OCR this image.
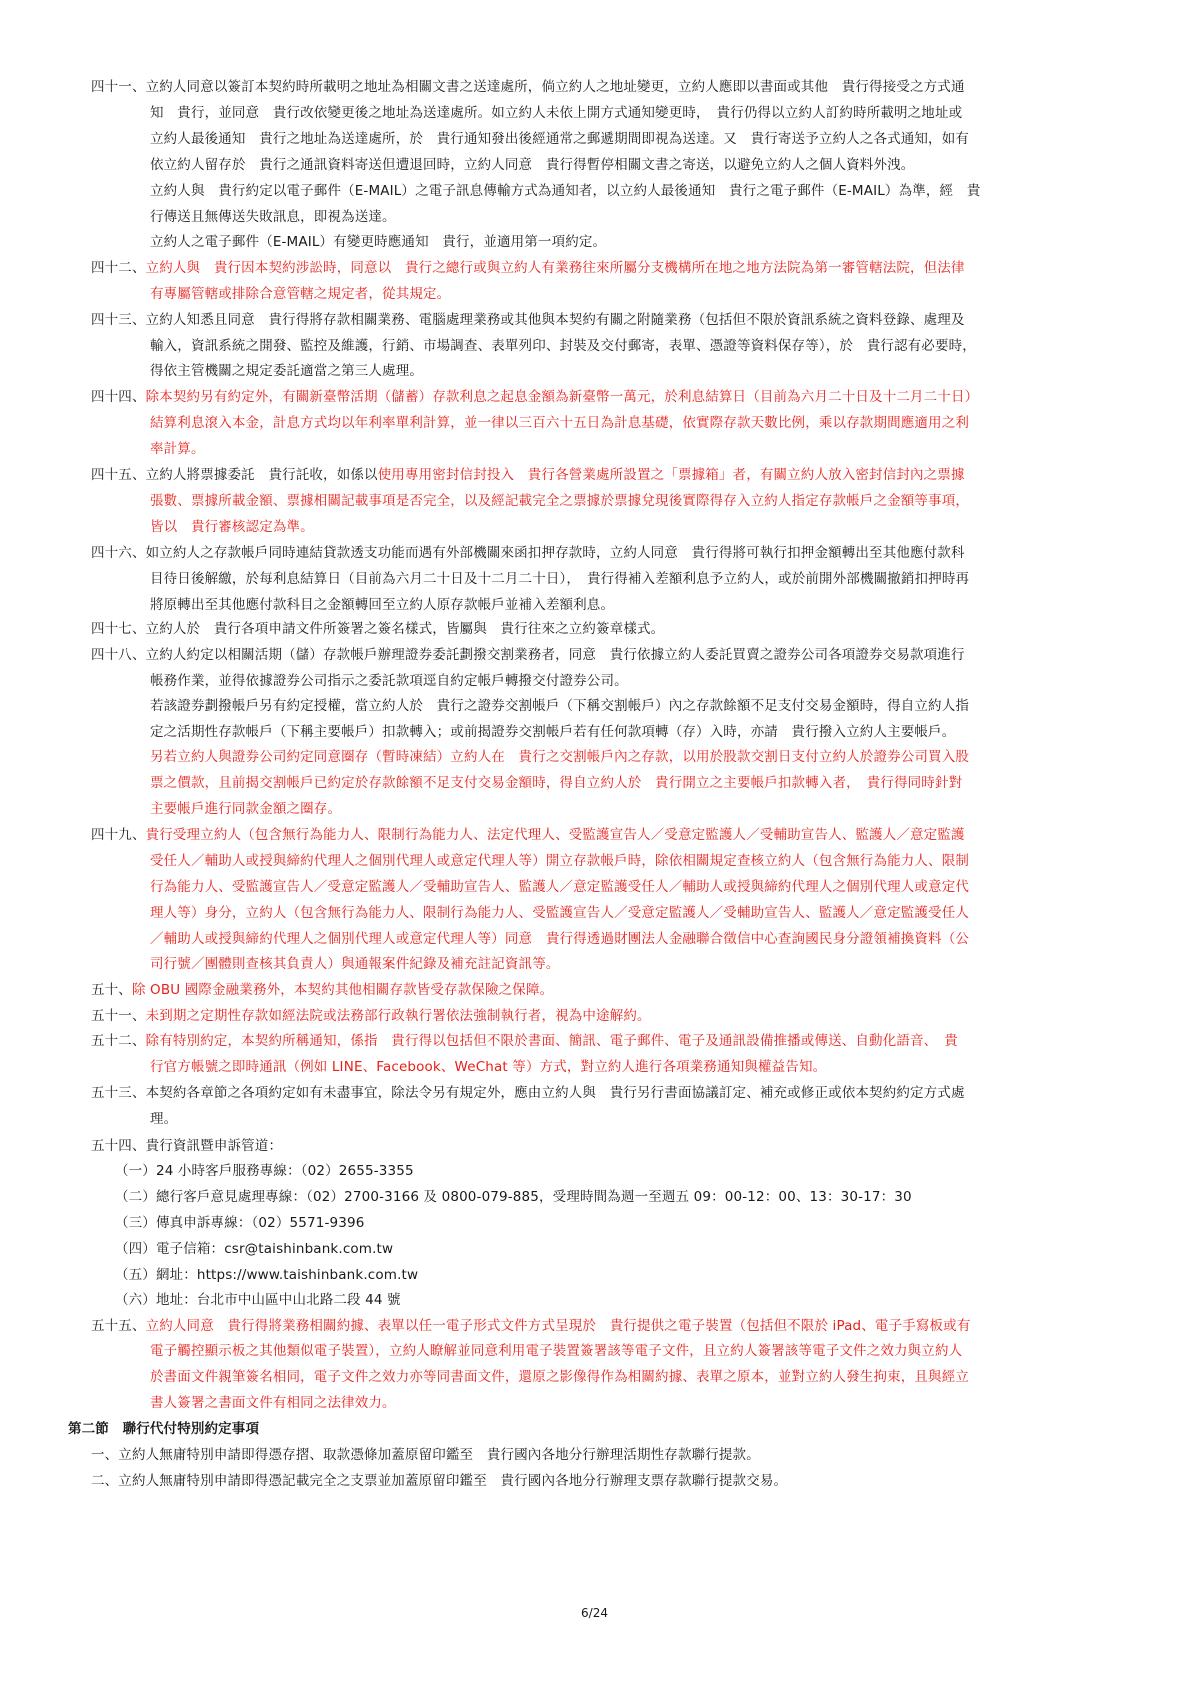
四十一、立約人同意以簽訂本契約時所載明之地址為相關文書之送達處所，倘立約人之地址變更，立約人應即以書面或其他　貴行得接受之方式通
知　貴行，並同意　貴行改依變更後之地址為送達處所。如立約人未依上開方式通知變更時，　貴行仍得以立約人訂約時所載明之地址或
立約人最後通知　貴行之地址為送達處所，於　貴行通知發出後經通常之郵遞期間即視為送達。又　貴行寄送予立約人之各式通知，如有
依立約人留存於　貴行之通訊資料寄送但遭退回時，立約人同意　貴行得暫停相關文書之寄送，以避免立約人之個人資料外洩。
立約人與　貴行約定以電子郵件（E-MAIL）之電子訊息傳輸方式為通知者，以立約人最後通知　貴行之電子郵件（E-MAIL）為準，經　貴
行傳送且無傳送失敗訊息，即視為送達。
立約人之電子郵件（E-MAIL）有變更時應通知　貴行，並適用第一項約定。
四十二、立約人與　貴行因本契約涉訟時，同意以　貴行之總行或與立約人有業務往來所屬分支機構所在地之地方法院為第一審管轄法院，但法律
有專屬管轄或排除合意管轄之規定者，從其規定。
四十三、立約人知悉且同意　貴行得將存款相關業務、電腦處理業務或其他與本契約有關之附隨業務（包括但不限於資訊系統之資料登錄、處理及
輸入，資訊系統之開發、監控及維護，行銷、市場調查、表單列印、封裝及交付郵寄，表單、憑證等資料保存等），於　貴行認有必要時，
得依主管機關之規定委託適當之第三人處理。
四十四、除本契約另有約定外，有關新臺幣活期（儲蓄）存款利息之起息金額為新臺幣一萬元，於利息結算日（目前為六月二十日及十二月二十日）
結算利息滾入本金，計息方式均以年利率單利計算，並一律以三百六十五日為計息基礎，依實際存款天數比例，乘以存款期間應適用之利
率計算。
四十五、立約人將票據委託　貴行託收，如係以使用專用密封信封投入　貴行各營業處所設置之「票據箱」者，有關立約人放入密封信封內之票據
張數、票據所載金額、票據相關記載事項是否完全，以及經記載完全之票據於票據兌現後實際得存入立約人指定存款帳戶之金額等事項，
皆以　貴行審核認定為準。
四十六、如立約人之存款帳戶同時連結貸款透支功能而遇有外部機關來函扣押存款時，立約人同意　貴行得將可執行扣押金額轉出至其他應付款科
目待日後解繳，於每利息結算日（目前為六月二十日及十二月二十日），　貴行得補入差額利息予立約人，或於前開外部機關撤銷扣押時再
將原轉出至其他應付款科目之金額轉回至立約人原存款帳戶並補入差額利息。
四十七、立約人於　貴行各項申請文件所簽署之簽名樣式，皆屬與　貴行往來之立約簽章樣式。
四十八、立約人約定以相關活期（儲）存款帳戶辦理證券委託劃撥交割業務者，同意　貴行依據立約人委託買賣之證券公司各項證券交易款項進行
帳務作業，並得依據證券公司指示之委託款項逕自約定帳戶轉撥交付證券公司。
若該證券劃撥帳戶另有約定授權，當立約人於　貴行之證券交割帳戶（下稱交割帳戶）內之存款餘額不足支付交易金額時，得自立約人指
定之活期性存款帳戶（下稱主要帳戶）扣款轉入；或前揭證券交割帳戶若有任何款項轉（存）入時，亦請　貴行撥入立約人主要帳戶。
另若立約人與證券公司約定同意圈存（暫時凍結）立約人在　貴行之交割帳戶內之存款，以用於股款交割日支付立約人於證券公司買入股
票之價款，且前揭交割帳戶已約定於存款餘額不足支付交易金額時，得自立約人於　貴行開立之主要帳戶扣款轉入者，　貴行得同時針對
主要帳戶進行同款金額之圈存。
四十九、貴行受理立約人（包含無行為能力人、限制行為能力人、法定代理人、受監護宣告人／受意定監護人／受輔助宣告人、監護人／意定監護
受任人／輔助人或授與締約代理人之個別代理人或意定代理人等）開立存款帳戶時，除依相關規定查核立約人（包含無行為能力人、限制
行為能力人、受監護宣告人／受意定監護人／受輔助宣告人、監護人／意定監護受任人／輔助人或授與締約代理人之個別代理人或意定代
理人等）身分，立約人（包含無行為能力人、限制行為能力人、受監護宣告人／受意定監護人／受輔助宣告人、監護人／意定監護受任人
／輔助人或授與締約代理人之個別代理人或意定代理人等）同意　貴行得透過財團法人金融聯合徵信中心查詢國民身分證領補換資料（公
司行號／團體則查核其負責人）與通報案件紀錄及補充註記資訊等。
五十、除 OBU 國際金融業務外，本契約其他相關存款皆受存款保險之保障。
五十一、未到期之定期性存款如經法院或法務部行政執行署依法強制執行者，視為中途解約。
五十二、除有特別約定，本契約所稱通知，係指　貴行得以包括但不限於書面、簡訊、電子郵件、電子及通訊設備推播或傳送、自動化語音、　貴
行官方帳號之即時通訊（例如 LINE、Facebook、WeChat 等）方式，對立約人進行各項業務通知與權益告知。
五十三、本契約各章節之各項約定如有未盡事宜，除法令另有規定外，應由立約人與　貴行另行書面協議訂定、補充或修正或依本契約約定方式處
理。
五十四、貴行資訊暨申訴管道：
（一）24 小時客戶服務專線：（02）2655-3355
（二）總行客戶意見處理專線：（02）2700-3166 及 0800-079-885，受理時間為週一至週五 09：00-12：00、13：30-17：30
（三）傳真申訴專線：（02）5571-9396
（四）電子信箱：csr@taishinbank.com.tw
（五）網址：https://www.taishinbank.com.tw
（六）地址：台北市中山區中山北路二段 44 號
五十五、立約人同意　貴行得將業務相關約據、表單以任一電子形式文件方式呈現於　貴行提供之電子裝置（包括但不限於 iPad、電子手寫板或有
電子觸控顯示板之其他類似電子裝置），立約人瞭解並同意利用電子裝置簽署該等電子文件，且立約人簽署該等電子文件之效力與立約人
於書面文件親筆簽名相同，電子文件之效力亦等同書面文件，還原之影像得作為相關約據、表單之原本，並對立約人發生拘束，且與經立
書人簽署之書面文件有相同之法律效力。
第二節　聯行代付特別約定事項
一、立約人無庸特別申請即得憑存摺、取款憑條加蓋原留印鑑至　貴行國內各地分行辦理活期性存款聯行提款。
二、立約人無庸特別申請即得憑記載完全之支票並加蓋原留印鑑至　貴行國內各地分行辦理支票存款聯行提款交易。
6/24
